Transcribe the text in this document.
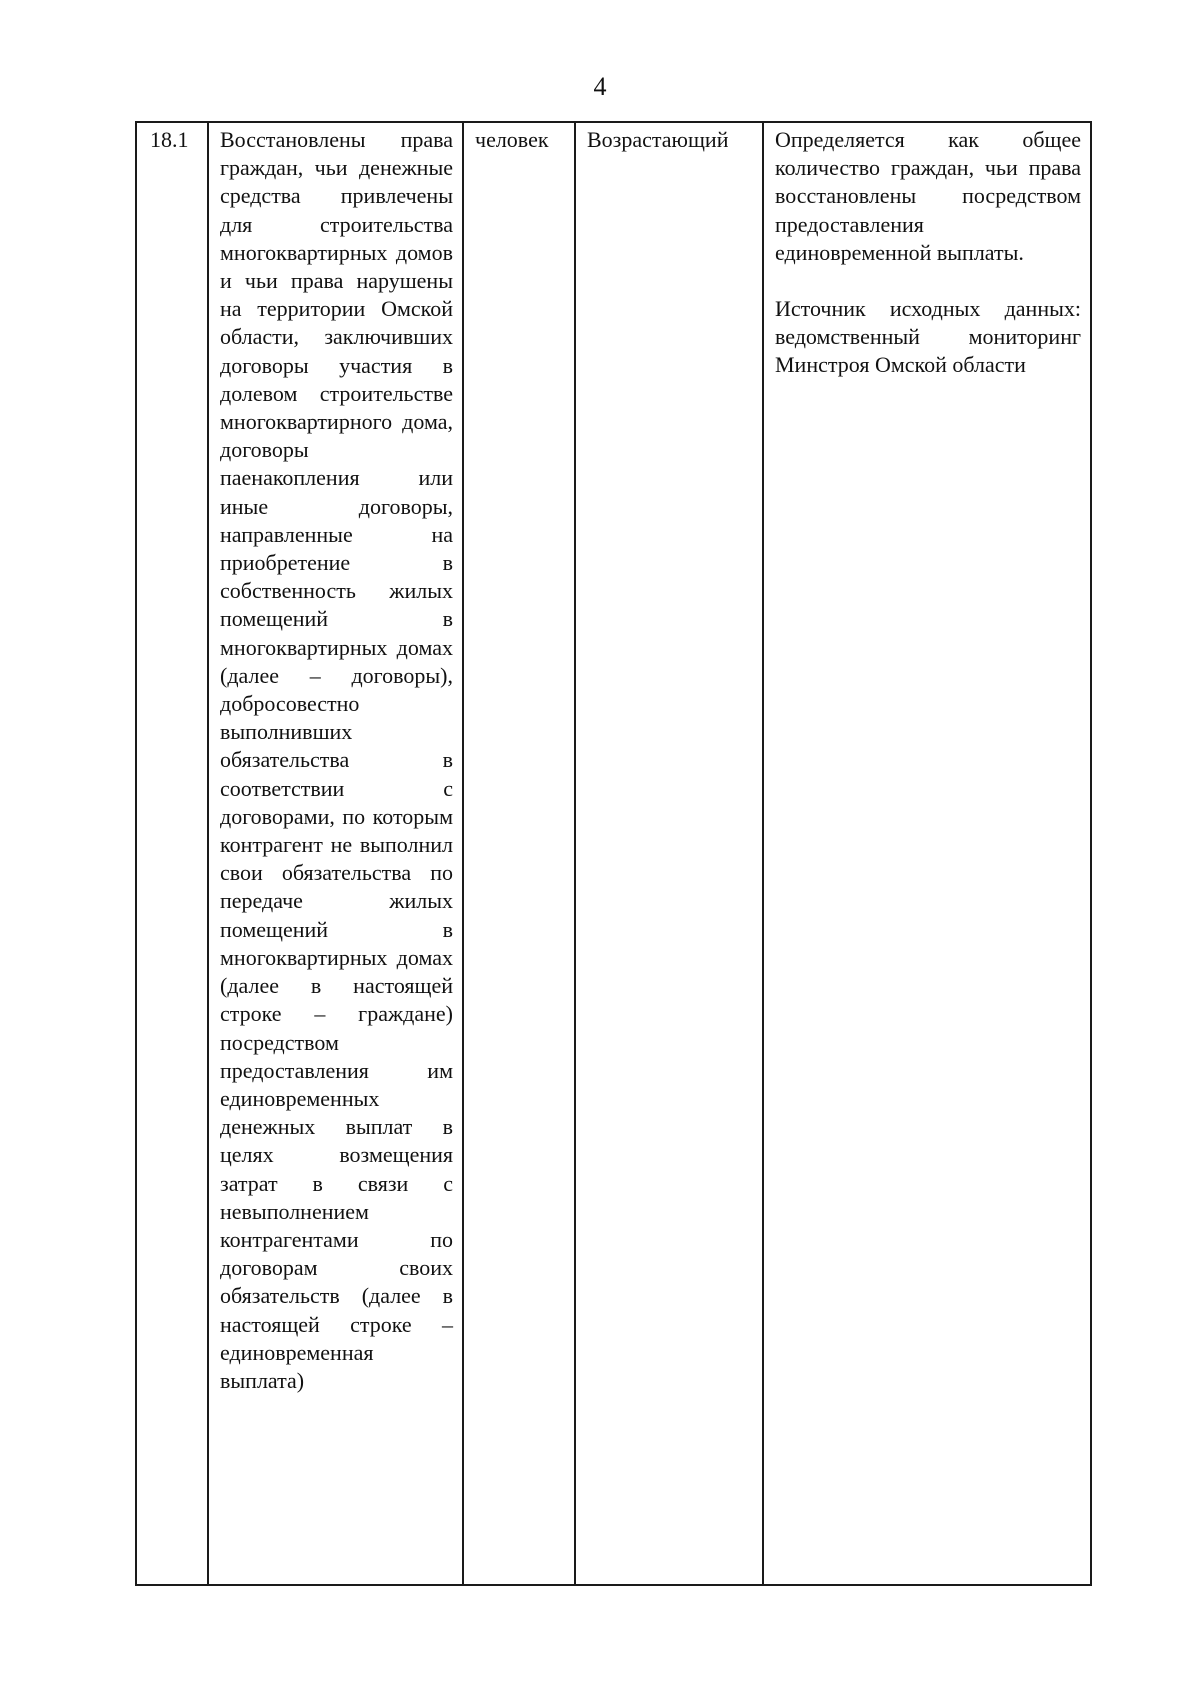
4
18.1	Восстановлены права граждан, чьи денежные средства привлечены для строительства многоквартирных домов и чьи права нарушены на территории Омской области, заключивших договоры участия в долевом строительстве многоквартирного дома, договоры паенакопления или иные договоры, направленные на приобретение в собственность жилых помещений в многоквартирных домах (далее – договоры), добросовестно выполнивших обязательства в соответствии с договорами, по которым контрагент не выполнил свои обязательства по передаче жилых помещений в многоквартирных домах (далее в настоящей строке – граждане) посредством предоставления им единовременных денежных выплат в целях возмещения затрат в связи с невыполнением контрагентами по договорам своих обязательств (далее в настоящей строке – единовременная выплата)	человек	Возрастающий	Определяется как общее количество граждан, чьи права восстановлены посредством предоставления единовременной выплаты.

Источник исходных данных: ведомственный мониторинг Минстроя Омской области
